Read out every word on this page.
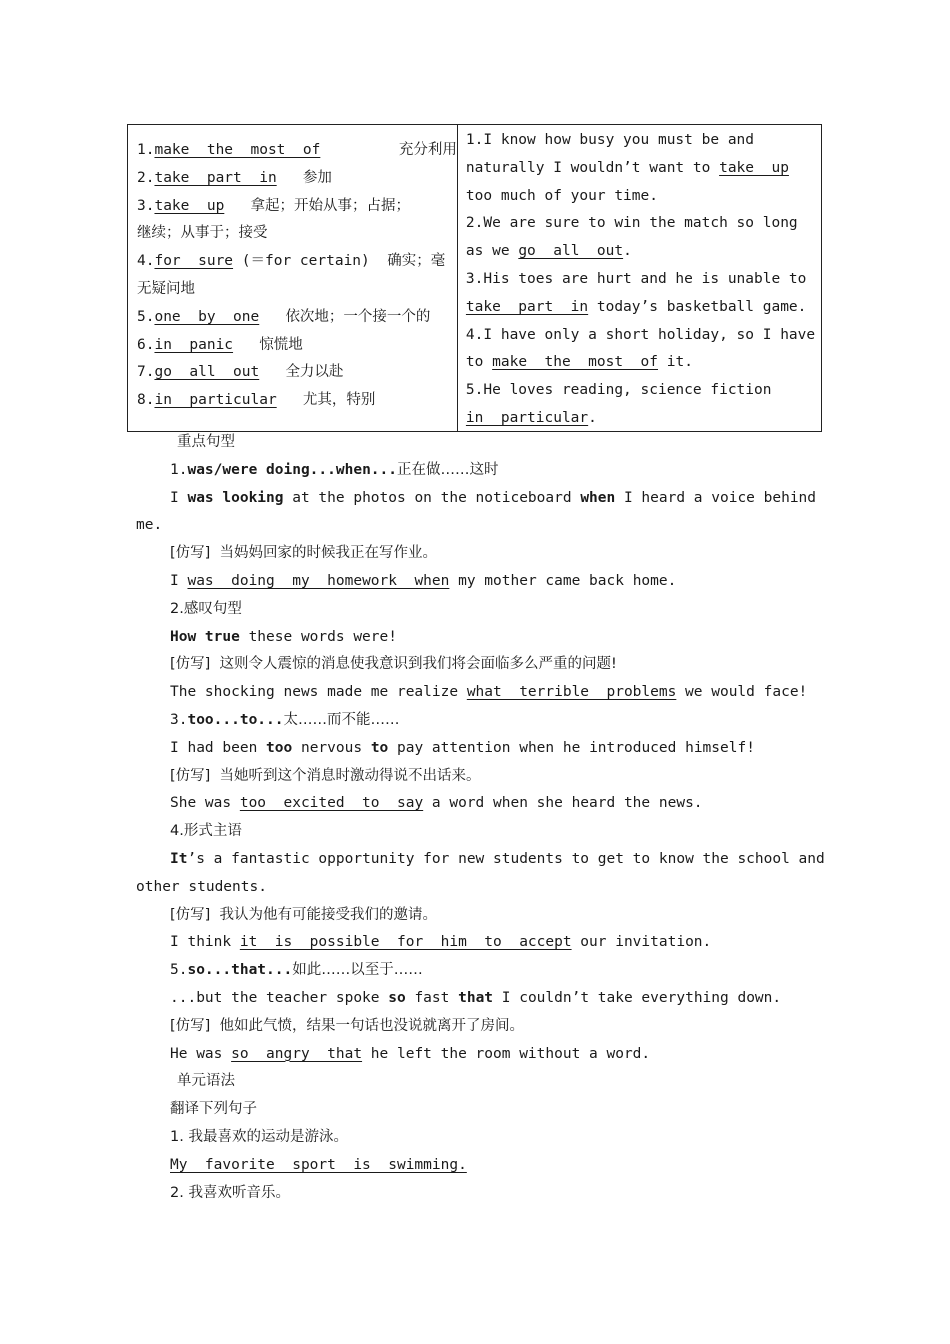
1.make  the  most  of	充分利用
2.take  part  in 参加
3.take  up 拿起；开始从事；占据；
继续；从事于；接受
4.for  sure (＝for certain)  确实；毫
无疑问地
5.one  by  one 依次地；一个接一个的
6.in  panic 惊慌地
7.go  all  out 全力以赴
8.in  particular 尤其，特别
1.I know how busy you must be and
naturally I wouldn’t want to take  up
too much of your time.
2.We are sure to win the match so long
as we go  all  out.
3.His toes are hurt and he is unable to
take  part  in today’s basketball game.
4.I have only a short holiday, so I have
to make  the  most  of it.
5.He loves reading, science fiction
in  particular.
重点句型
1.was/were doing...when...正在做……这时
I was looking at the photos on the noticeboard when I heard a voice behind
me.
[仿写]  当妈妈回家的时候我正在写作业。
I was  doing  my  homework  when my mother came back home.
2.感叹句型
How true these words were!
[仿写]  这则令人震惊的消息使我意识到我们将会面临多么严重的问题!
The shocking news made me realize what  terrible  problems we would face!
3.too...to...太……而不能……
I had been too nervous to pay attention when he introduced himself!
[仿写]  当她听到这个消息时激动得说不出话来。
She was too  excited  to  say a word when she heard the news.
4.形式主语
It’s a fantastic opportunity for new students to get to know the school and
other students.
[仿写]  我认为他有可能接受我们的邀请。
I think it  is  possible  for  him  to  accept our invitation.
5.so...that...如此……以至于……
...but the teacher spoke so fast that I couldn’t take everything down.
[仿写]  他如此气愤，结果一句话也没说就离开了房间。
He was so  angry  that he left the room without a word.
单元语法
翻译下列句子
1. 我最喜欢的运动是游泳。
My  favorite  sport  is  swimming.
2. 我喜欢听音乐。
